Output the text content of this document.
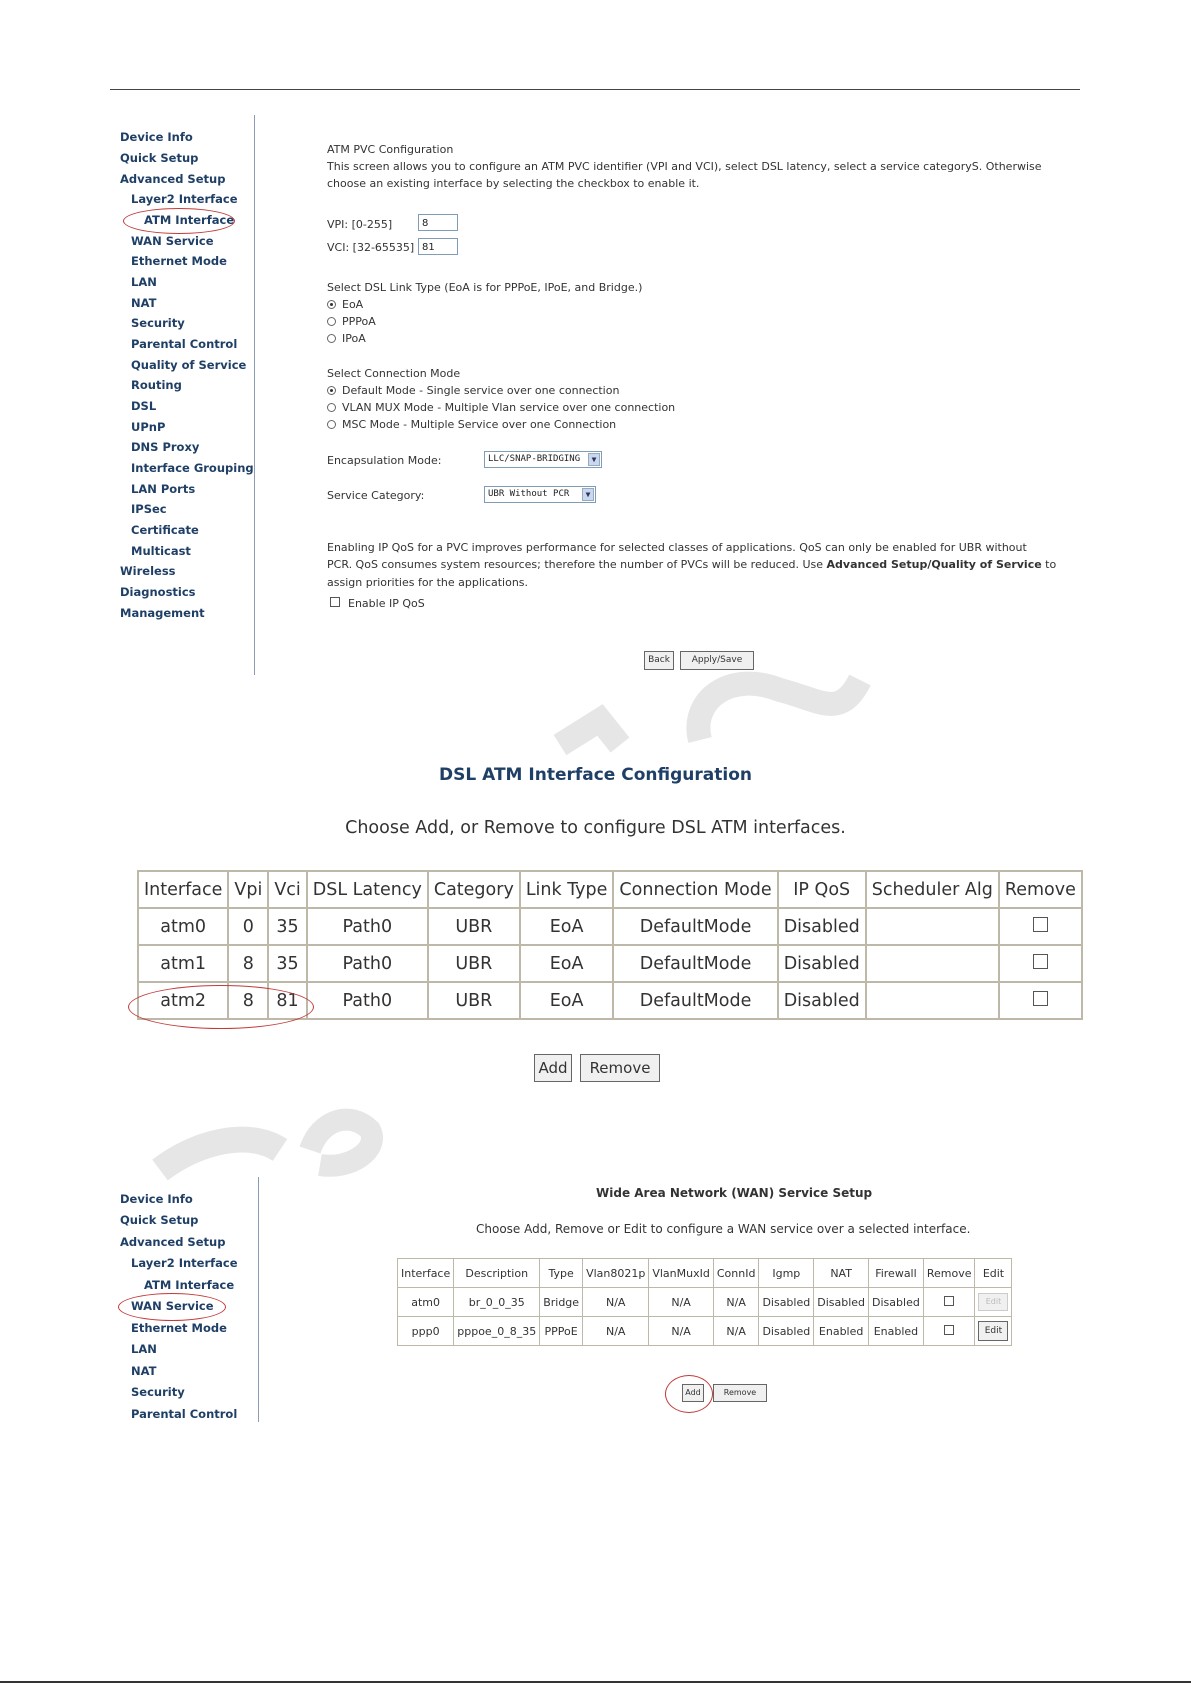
Device Info
Quick Setup
Advanced Setup
Layer2 Interface
ATM Interface
WAN Service
Ethernet Mode
LAN
NAT
Security
Parental Control
Quality of Service
Routing
DSL
UPnP
DNS Proxy
Interface Grouping
LAN Ports
IPSec
Certificate
Multicast
Wireless
Diagnostics
Management
ATM PVC Configuration
This screen allows you to configure an ATM PVC identifier (VPI and VCI), select DSL latency, select a service categoryS. Otherwise
choose an existing interface by selecting the checkbox to enable it.
VPI: [0-255]	8
VCI: [32-65535] 81
Select DSL Link Type (EoA is for PPPoE, IPoE, and Bridge.)
EoA
PPPoA
IPoA
Select Connection Mode
Default Mode - Single service over one connection
VLAN MUX Mode - Multiple Vlan service over one connection
MSC Mode - Multiple Service over one Connection
Encapsulation Mode:	LLC/SNAP-BRIDGING	▼
Service Category:	UBR Without PCR	▼
Enabling IP QoS for a PVC improves performance for selected classes of applications. QoS can only be enabled for UBR without
PCR. QoS consumes system resources; therefore the number of PVCs will be reduced. Use Advanced Setup/Quality of Service to
assign priorities for the applications.
Enable IP QoS
Back	Apply/Save
DSL ATM Interface Configuration
Choose Add, or Remove to configure DSL ATM interfaces.
Interface	Vpi	Vci	DSL Latency	Category	Link Type	Connection Mode	IP QoS	Scheduler Alg	Remove
atm0	0	35	Path0	UBR	EoA	DefaultMode	Disabled		
atm1	8	35	Path0	UBR	EoA	DefaultMode	Disabled		
atm2	8	81	Path0	UBR	EoA	DefaultMode	Disabled		
Add	Remove
Device Info
Quick Setup
Advanced Setup
Layer2 Interface
ATM Interface
WAN Service
Ethernet Mode
LAN
NAT
Security
Parental Control
Wide Area Network (WAN) Service Setup
Choose Add, Remove or Edit to configure a WAN service over a selected interface.
Interface	Description	Type	Vlan8021p	VlanMuxId	ConnId	Igmp	NAT	Firewall	Remove	Edit
atm0	br_0_0_35	Bridge	N/A	N/A	N/A	Disabled	Disabled	Disabled		Edit
ppp0	pppoe_0_8_35	PPPoE	N/A	N/A	N/A	Disabled	Enabled	Enabled		Edit
Add	Remove
